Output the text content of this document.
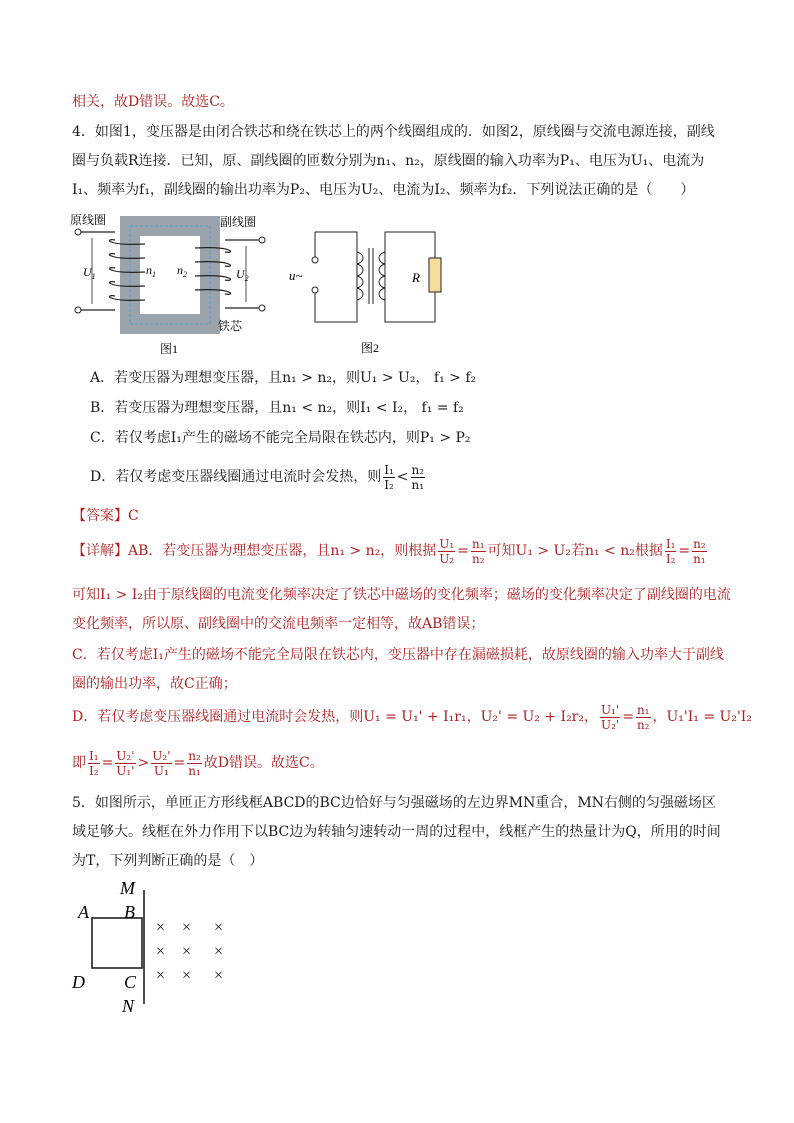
相关，故D错误。故选C。
4．如图1，变压器是由闭合铁芯和绕在铁芯上的两个线圈组成的．如图2，原线圈与交流电源连接，副线
圈与负载R连接．已知，原、副线圈的匝数分别为n₁、n₂，原线圈的输入功率为P₁、电压为U₁、电流为
I₁、频率为f₁，副线圈的输出功率为P₂、电压为U₂、电流为I₂、频率为f₂．下列说法正确的是（　　）
原线圈	副线圈
铁芯
$U_1$	$U_2$
$n_1$ $n_2$
图1
u~	R
图2
A．若变压器为理想变压器，且n₁ > n₂，则U₁ > U₂， f₁ > f₂
B．若变压器为理想变压器，且n₁ < n₂，则I₁ < I₂， f₁ = f₂
C．若仅考虑I₁产生的磁场不能完全局限在铁芯内，则P₁ > P₂
D．若仅考虑变压器线圈通过电流时会发热，则 $\frac{\text{I₁}}{\text{I₂}} < \frac{\text{n₂}}{\text{n₁}}$
【答案】C
【详解】AB．若变压器为理想变压器，且n₁ > n₂，则根据 $\frac{\text{U₁}}{\text{U₂}} = \frac{\text{n₁}}{\text{n₂}}$ 可知U₁ > U₂若n₁ < n₂根据 $\frac{\text{I₁}}{\text{I₂}} = \frac{\text{n₂}}{\text{n₁}}$
可知I₁ > I₂由于原线圈的电流变化频率决定了铁芯中磁场的变化频率；磁场的变化频率决定了副线圈的电流
变化频率，所以原、副线圈中的交流电频率一定相等，故AB错误；
C．若仅考虑I₁产生的磁场不能完全局限在铁芯内，变压器中存在漏磁损耗，故原线圈的输入功率大于副线
圈的输出功率，故C正确；
D．若仅考虑变压器线圈通过电流时会发热，则U₁ = U₁' + I₁r₁，U₂' = U₂ + I₂r₂， $\frac{\text{U₁'}}{\text{U₂'}} = \frac{\text{n₁}}{\text{n₂}}$ ，U₁'I₁ = U₂'I₂
即 $\frac{\text{I₁}}{\text{I₂}} = \frac{\text{U₂'}}{\text{U₁'}} > \frac{\text{U₂'}}{\text{U₁}} = \frac{\text{n₂}}{\text{n₁}}$ 故D错误。故选C。
5．如图所示，单匝正方形线框ABCD的BC边恰好与匀强磁场的左边界MN重合，MN右侧的匀强磁场区
域足够大。线框在外力作用下以BC边为转轴匀速转动一周的过程中，线框产生的热量计为Q，所用的时间
为T，下列判断正确的是（　）
M
N
A B
C
D
× × ×
× × ×
× × ×
